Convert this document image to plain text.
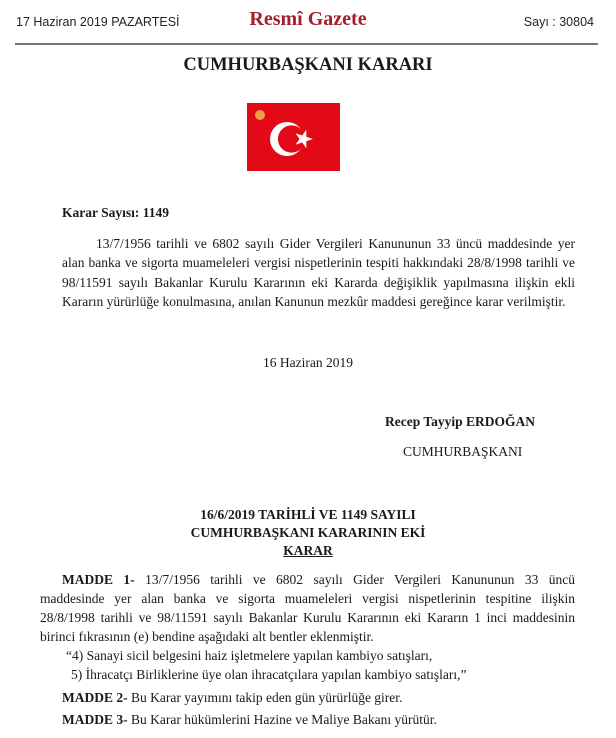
17 Haziran 2019 PAZARTESİ	Resmî Gazete	Sayı : 30804
CUMHURBAŞKANI KARARI
Karar Sayısı: 1149
13/7/1956 tarihli ve 6802 sayılı Gider Vergileri Kanununun 33 üncü maddesinde yer
alan banka ve sigorta muameleleri vergisi nispetlerinin tespiti hakkındaki 28/8/1998 tarihli ve
98/11591 sayılı Bakanlar Kurulu Kararının eki Kararda değişiklik yapılmasına ilişkin ekli
Kararın yürürlüğe konulmasına, anılan Kanunun mezkûr maddesi gereğince karar verilmiştir.
16 Haziran 2019
Recep Tayyip ERDOĞAN
CUMHURBAŞKANI
16/6/2019 TARİHLİ VE 1149 SAYILI
CUMHURBAŞKANI KARARININ EKİ
KARAR
MADDE 1- 13/7/1956 tarihli ve 6802 sayılı Gider Vergileri Kanununun 33 üncü
maddesinde yer alan banka ve sigorta muameleleri vergisi nispetlerinin tespitine ilişkin
28/8/1998 tarihli ve 98/11591 sayılı Bakanlar Kurulu Kararının eki Kararın 1 inci maddesinin
birinci fıkrasının (e) bendine aşağıdaki alt bentler eklenmiştir.
“4) Sanayi sicil belgesini haiz işletmelere yapılan kambiyo satışları,
5) İhracatçı Birliklerine üye olan ihracatçılara yapılan kambiyo satışları,”
MADDE 2- Bu Karar yayımını takip eden gün yürürlüğe girer.
MADDE 3- Bu Karar hükümlerini Hazine ve Maliye Bakanı yürütür.
